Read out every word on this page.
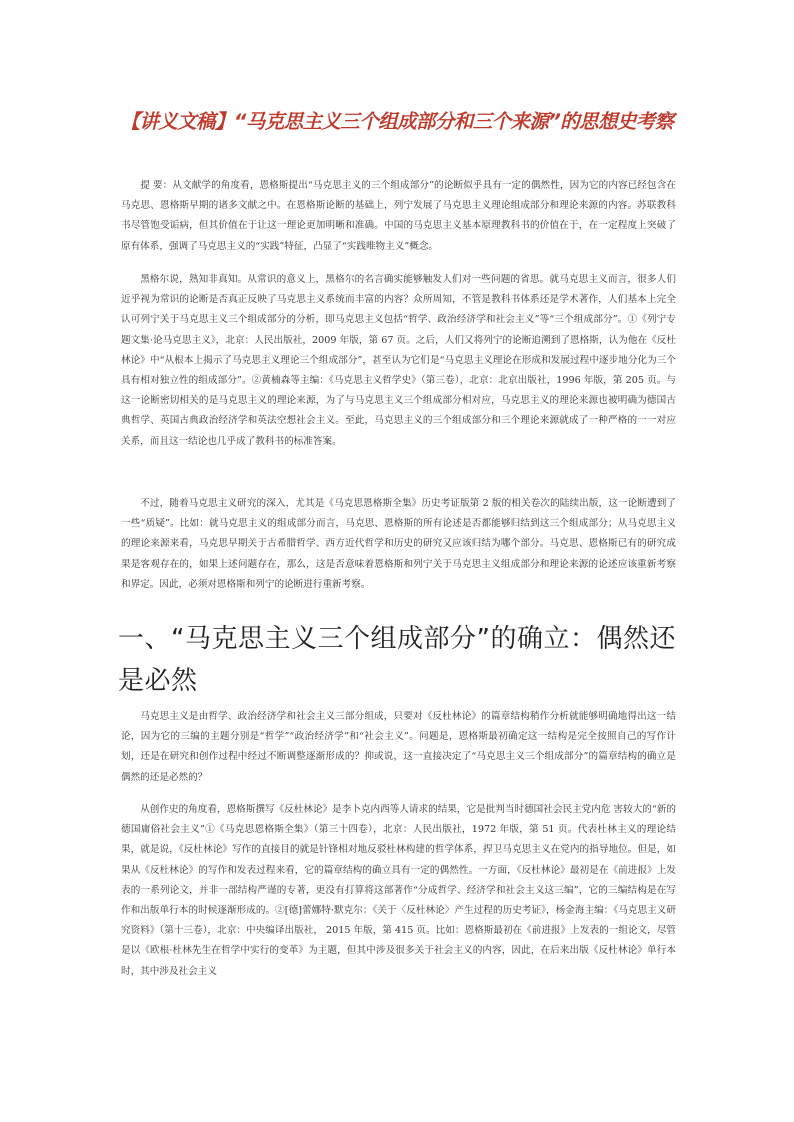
【讲义文稿】“马克思主义三个组成部分和三个来源”的思想史考察

提 要：从文献学的角度看，恩格斯提出“马克思主义的三个组成部分”的论断似乎具有一定的偶然性，因为它的内容已经包含在马克思、恩格斯早期的诸多文献之中。在恩格斯论断的基础上，列宁发展了马克思主义理论组成部分和理论来源的内容。苏联教科书尽管饱受诟病，但其价值在于让这一理论更加明晰和准确。中国的马克思主义基本原理教科书的价值在于，在一定程度上突破了原有体系，强调了马克思主义的“实践”特征，凸显了“实践唯物主义”概念。

黑格尔说，熟知非真知。从常识的意义上，黑格尔的名言确实能够触发人们对一些问题的省思。就马克思主义而言，很多人们近乎视为常识的论断是否真正反映了马克思主义系统而丰富的内容？众所周知，不管是教科书体系还是学术著作，人们基本上完全认可列宁关于马克思主义三个组成部分的分析，即马克思主义包括“哲学、政治经济学和社会主义”等“三个组成部分”。①《列宁专题文集·论马克思主义》，北京：人民出版社，2009 年版，第 67 页。之后，人们又将列宁的论断追溯到了恩格斯，认为他在《反杜林论》中“从根本上揭示了马克思主义理论三个组成部分”，甚至认为它们是“马克思主义理论在形成和发展过程中逐步地分化为三个具有相对独立性的组成部分”。②黄楠森等主编：《马克思主义哲学史》（第三卷），北京：北京出版社，1996 年版，第 205 页。与这一论断密切相关的是马克思主义的理论来源，为了与马克思主义三个组成部分相对应，马克思主义的理论来源也被明确为德国古典哲学、英国古典政治经济学和英法空想社会主义。至此，马克思主义的三个组成部分和三个理论来源就成了一种严格的一一对应关系，而且这一结论也几乎成了教科书的标准答案。

不过，随着马克思主义研究的深入，尤其是《马克思恩格斯全集》历史考证版第 2 版的相关卷次的陆续出版，这一论断遭到了一些“质疑”。比如：就马克思主义的组成部分而言，马克思、恩格斯的所有论述是否都能够归结到这三个组成部分；从马克思主义的理论来源来看，马克思早期关于古希腊哲学、西方近代哲学和历史的研究又应该归结为哪个部分。马克思、恩格斯已有的研究成果是客观存在的，如果上述问题存在，那么，这是否意味着恩格斯和列宁关于马克思主义组成部分和理论来源的论述应该重新考察和界定。因此，必须对恩格斯和列宁的论断进行重新考察。

一、“马克思主义三个组成部分”的确立：偶然还是必然

马克思主义是由哲学、政治经济学和社会主义三部分组成，只要对《反杜林论》的篇章结构稍作分析就能够明确地得出这一结论，因为它的三编的主题分别是“哲学”“政治经济学”和“社会主义”。问题是，恩格斯最初确定这一结构是完全按照自己的写作计划，还是在研究和创作过程中经过不断调整逐渐形成的？抑或说，这一直接决定了“马克思主义三个组成部分”的篇章结构的确立是偶然的还是必然的？

从创作史的角度看，恩格斯撰写《反杜林论》是李卜克内西等人请求的结果，它是批判当时德国社会民主党内危 害较大的“新的德国庸俗社会主义”①《马克思恩格斯全集》（第三十四卷），北京：人民出版社，1972 年版，第 51 页。代表杜林主义的理论结果，就是说，《反杜林论》写作的直接目的就是针锋相对地反驳杜林构建的哲学体系，捍卫马克思主义在党内的指导地位。但是，如果从《反杜林论》的写作和发表过程来看，它的篇章结构的确立具有一定的偶然性。一方面，《反杜林论》最初是在《前进报》上发表的一系列论文，并非一部结构严谨的专著，更没有打算将这部著作“分成哲学、经济学和社会主义这三编”，它的三编结构是在写作和出版单行本的时候逐渐形成的。②[德]蕾娜特·默克尔：《关于〈反杜林论〉产生过程的历史考证》，杨金海主编：《马克思主义研究资料》（第十三卷），北京：中央编译出版社， 2015 年版，第 415 页。比如：恩格斯最初在《前进报》上发表的一组论文，尽管是以《欧根·杜林先生在哲学中实行的变革》为主题，但其中涉及很多关于社会主义的内容，因此，在后来出版《反杜林论》单行本时，其中涉及社会主义
